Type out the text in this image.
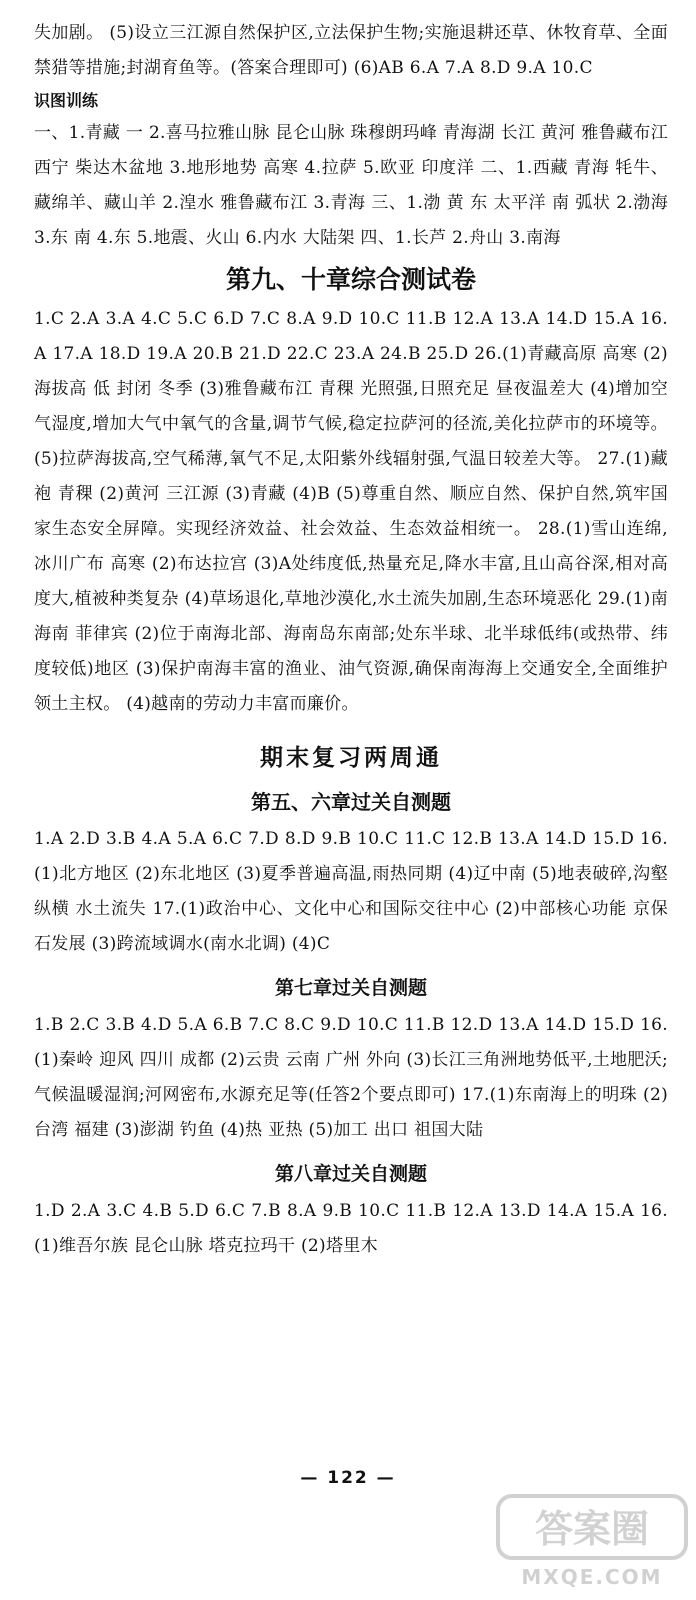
失加剧。 (5)设立三江源自然保护区,立法保护生物;实施退耕还草、休牧育草、全面禁猎等措施;封湖育鱼等。(答案合理即可) (6)AB 6.A 7.A 8.D 9.A 10.C

识图训练

一、1.青藏 一 2.喜马拉雅山脉 昆仑山脉 珠穆朗玛峰 青海湖 长江 黄河 雅鲁藏布江 西宁 柴达木盆地 3.地形地势 高寒 4.拉萨 5.欧亚 印度洋 二、1.西藏 青海 牦牛、藏绵羊、藏山羊 2.湟水 雅鲁藏布江 3.青海 三、1.渤 黄 东 太平洋 南 弧状 2.渤海 3.东 南 4.东 5.地震、火山 6.内水 大陆架 四、1.长芦 2.舟山 3.南海

第九、十章综合测试卷

1.C 2.A 3.A 4.C 5.C 6.D 7.C 8.A 9.D 10.C 11.B 12.A 13.A 14.D 15.A 16.A 17.A 18.D 19.A 20.B 21.D 22.C 23.A 24.B 25.D 26.(1)青藏高原 高寒 (2)海拔高 低 封闭 冬季 (3)雅鲁藏布江 青稞 光照强,日照充足 昼夜温差大 (4)增加空气湿度,增加大气中氧气的含量,调节气候,稳定拉萨河的径流,美化拉萨市的环境等。 (5)拉萨海拔高,空气稀薄,氧气不足,太阳紫外线辐射强,气温日较差大等。 27.(1)藏袍 青稞 (2)黄河 三江源 (3)青藏 (4)B (5)尊重自然、顺应自然、保护自然,筑牢国家生态安全屏障。实现经济效益、社会效益、生态效益相统一。 28.(1)雪山连绵,冰川广布 高寒 (2)布达拉宫 (3)A处纬度低,热量充足,降水丰富,且山高谷深,相对高度大,植被种类复杂 (4)草场退化,草地沙漠化,水土流失加剧,生态环境恶化 29.(1)南 海南 菲律宾 (2)位于南海北部、海南岛东南部;处东半球、北半球低纬(或热带、纬度较低)地区 (3)保护南海丰富的渔业、油气资源,确保南海海上交通安全,全面维护领土主权。 (4)越南的劳动力丰富而廉价。

期末复习两周通
第五、六章过关自测题

1.A 2.D 3.B 4.A 5.A 6.C 7.D 8.D 9.B 10.C 11.C 12.B 13.A 14.D 15.D 16.(1)北方地区 (2)东北地区 (3)夏季普遍高温,雨热同期 (4)辽中南 (5)地表破碎,沟壑纵横 水土流失 17.(1)政治中心、文化中心和国际交往中心 (2)中部核心功能 京保石发展 (3)跨流域调水(南水北调) (4)C

第七章过关自测题

1.B 2.C 3.B 4.D 5.A 6.B 7.C 8.C 9.D 10.C 11.B 12.D 13.A 14.D 15.D 16.(1)秦岭 迎风 四川 成都 (2)云贵 云南 广州 外向 (3)长江三角洲地势低平,土地肥沃;气候温暖湿润;河网密布,水源充足等(任答2个要点即可) 17.(1)东南海上的明珠 (2)台湾 福建 (3)澎湖 钓鱼 (4)热 亚热 (5)加工 出口 祖国大陆

第八章过关自测题

1.D 2.A 3.C 4.B 5.D 6.C 7.B 8.A 9.B 10.C 11.B 12.A 13.D 14.A 15.A 16.(1)维吾尔族 昆仑山脉 塔克拉玛干 (2)塔里木

— 122 —
答案圈
MXQE.COM
